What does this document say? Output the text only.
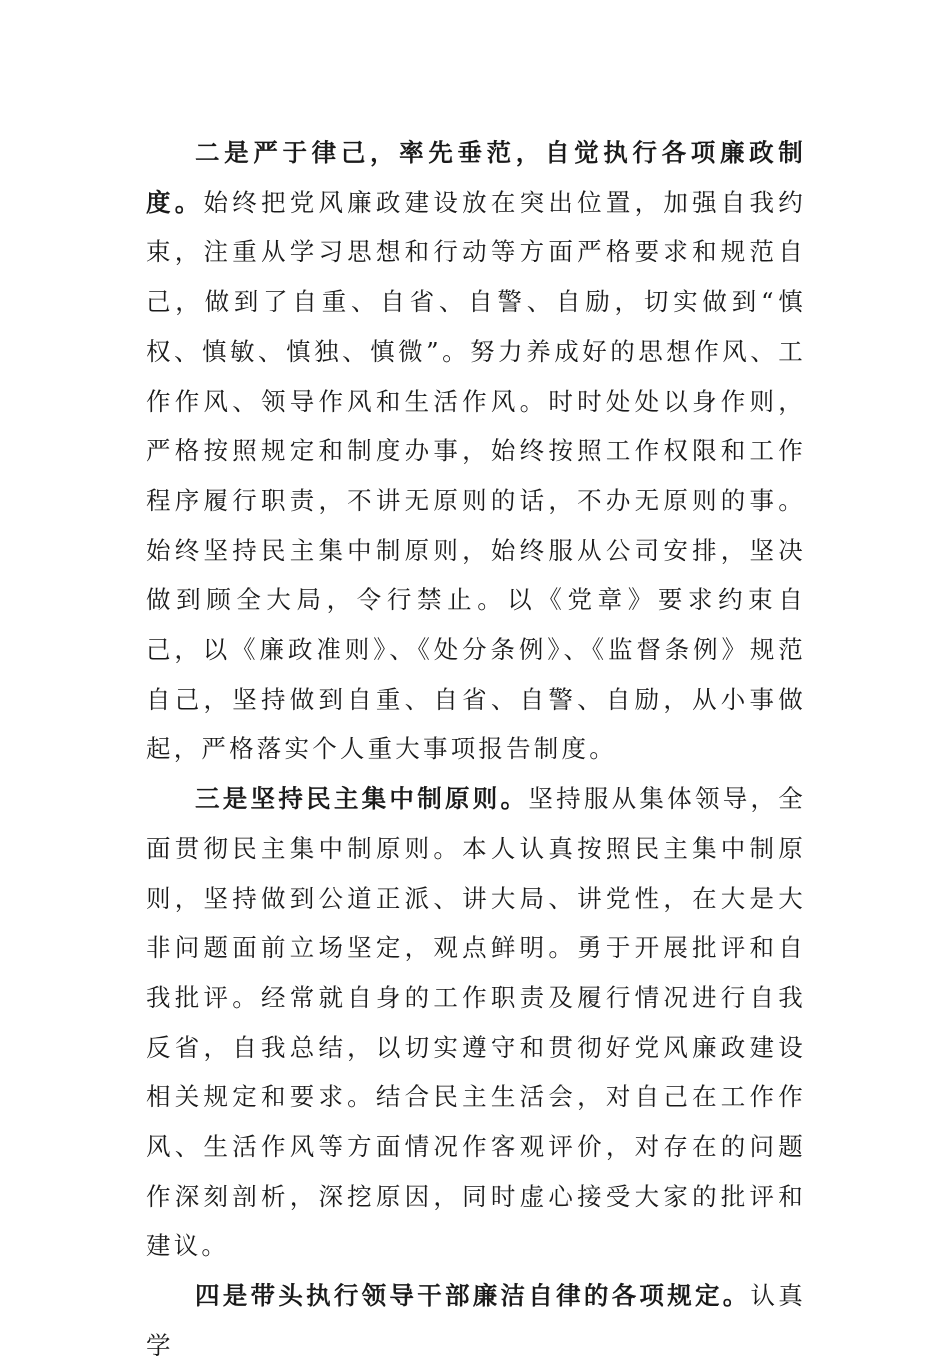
二是严于律己，率先垂范，自觉执行各项廉政制度。始终把党风廉政建设放在突出位置，加强自我约束，注重从学习思想和行动等方面严格要求和规范自己，做到了自重、自省、自警、自励，切实做到“慎权、慎敏、慎独、慎微”。努力养成好的思想作风、工作作风、领导作风和生活作风。时时处处以身作则，严格按照规定和制度办事，始终按照工作权限和工作程序履行职责，不讲无原则的话，不办无原则的事。始终坚持民主集中制原则，始终服从公司安排，坚决做到顾全大局，令行禁止。以《党章》要求约束自己，以《廉政准则》、《处分条例》、《监督条例》规范自己，坚持做到自重、自省、自警、自励，从小事做起，严格落实个人重大事项报告制度。

三是坚持民主集中制原则。坚持服从集体领导，全面贯彻民主集中制原则。本人认真按照民主集中制原则，坚持做到公道正派、讲大局、讲党性，在大是大非问题面前立场坚定，观点鲜明。勇于开展批评和自我批评。经常就自身的工作职责及履行情况进行自我反省，自我总结，以切实遵守和贯彻好党风廉政建设相关规定和要求。结合民主生活会，对自己在工作作风、生活作风等方面情况作客观评价，对存在的问题作深刻剖析，深挖原因，同时虚心接受大家的批评和建议。

四是带头执行领导干部廉洁自律的各项规定。认真学
